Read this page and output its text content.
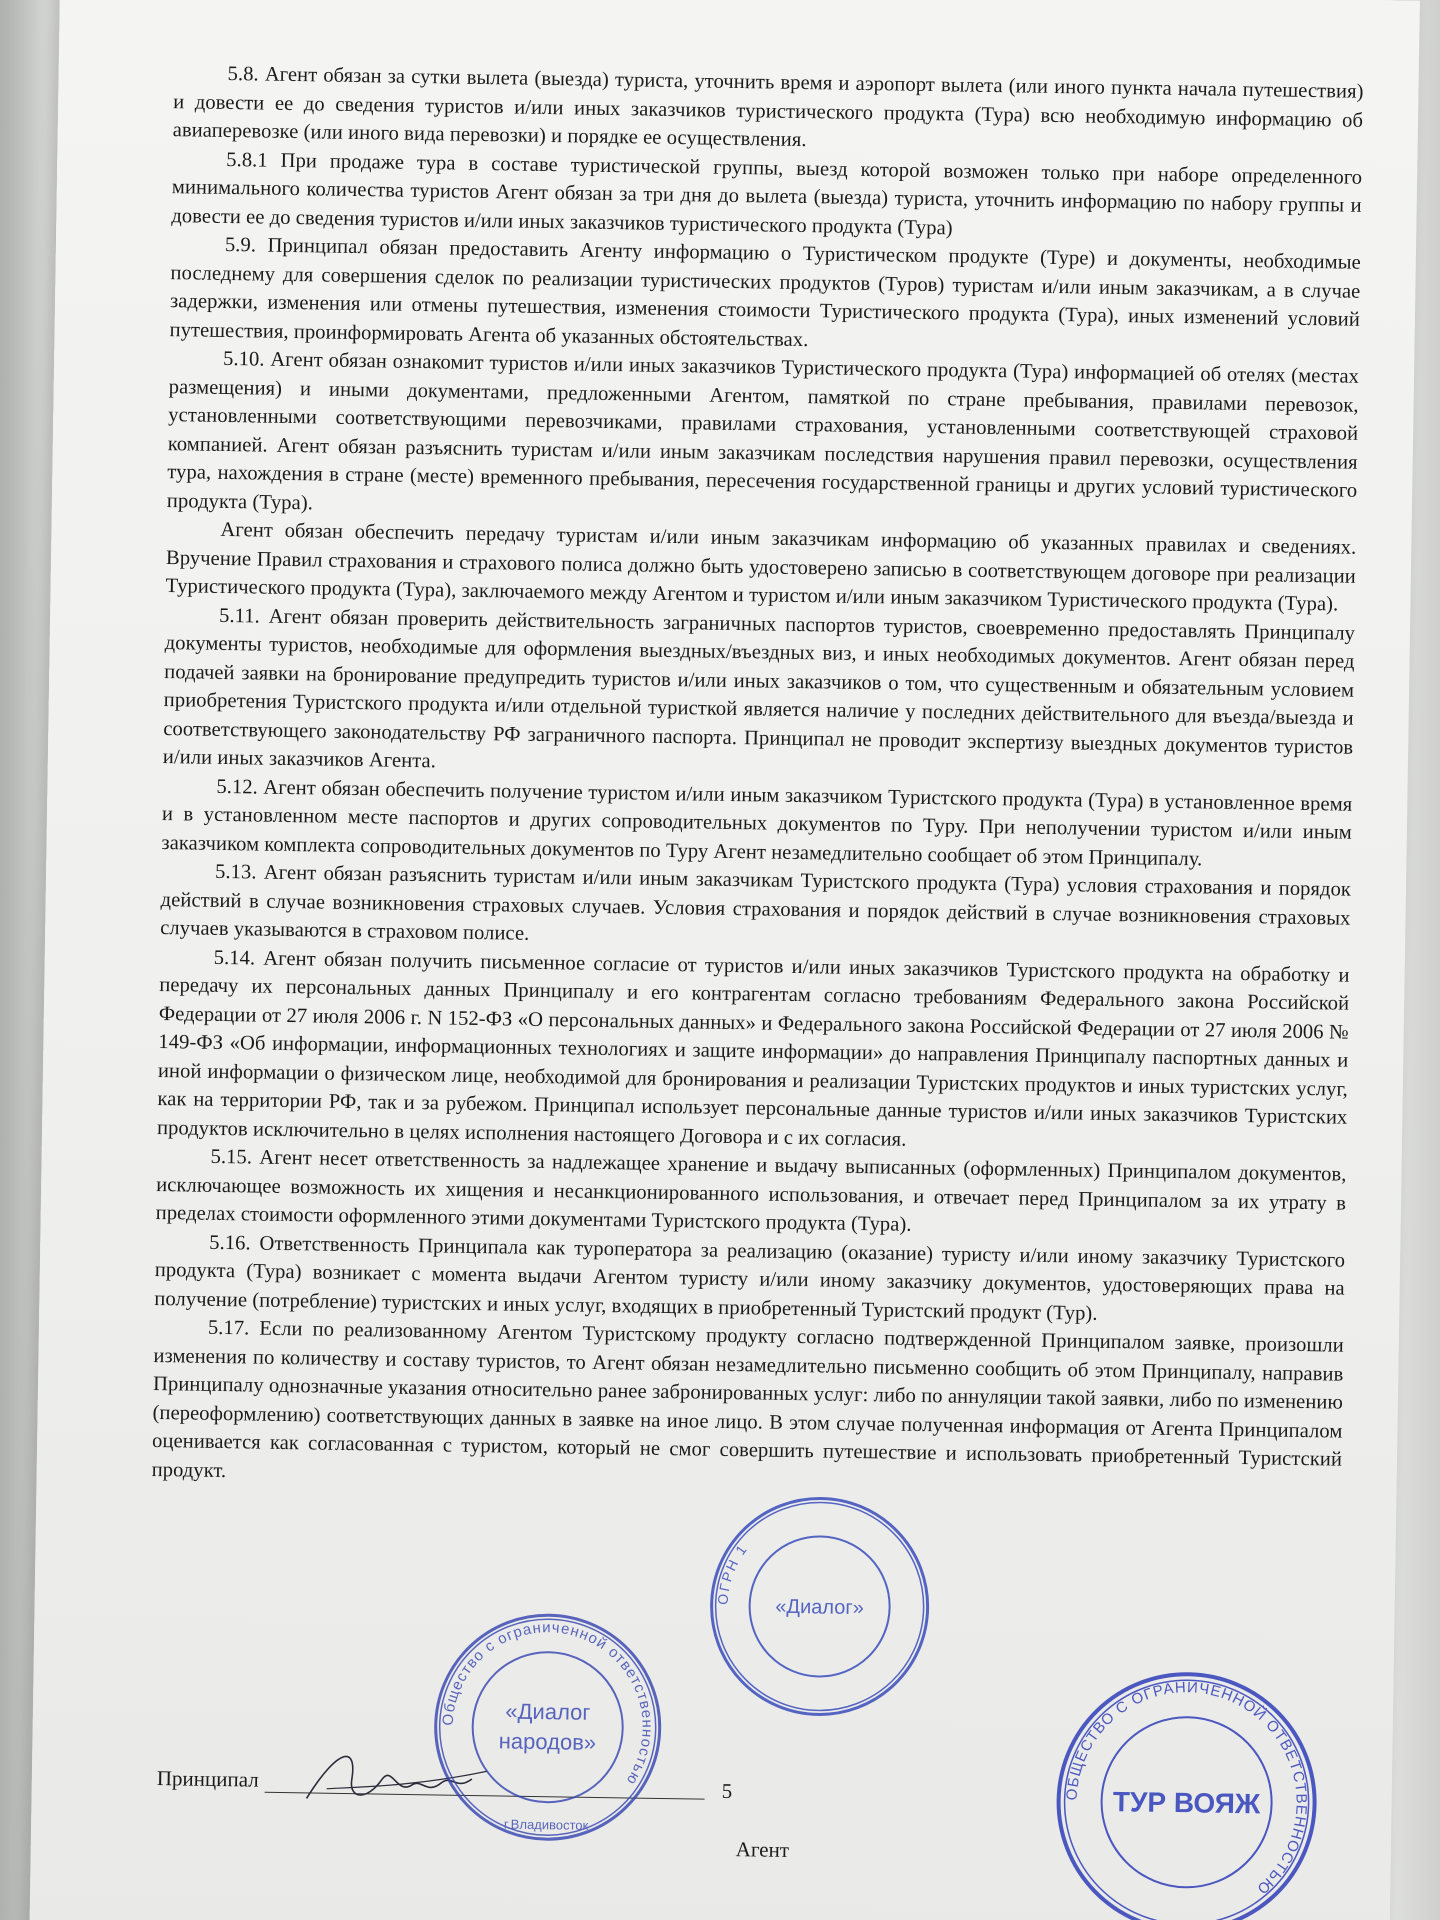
5.8. Агент обязан за сутки вылета (выезда) туриста, уточнить время и аэропорт вылета (или иного пункта начала путешествия) и довести ее до сведения туристов и/или иных заказчиков туристического продукта (Тура) всю необходимую информацию об авиаперевозке (или иного вида перевозки) и порядке ее осуществления.

5.8.1 При продаже тура в составе туристической группы, выезд которой возможен только при наборе определенного минимального количества туристов Агент обязан за три дня до вылета (выезда) туриста, уточнить информацию по набору группы и довести ее до сведения туристов и/или иных заказчиков туристического продукта (Тура)

5.9. Принципал обязан предоставить Агенту информацию о Туристическом продукте (Туре) и документы, необходимые последнему для совершения сделок по реализации туристических продуктов (Туров) туристам и/или иным заказчикам, а в случае задержки, изменения или отмены путешествия, изменения стоимости Туристического продукта (Тура), иных изменений условий путешествия, проинформировать Агента об указанных обстоятельствах.

5.10. Агент обязан ознакомит туристов и/или иных заказчиков Туристического продукта (Тура) информацией об отелях (местах размещения) и иными документами, предложенными Агентом, памяткой по стране пребывания, правилами перевозок, установленными соответствующими перевозчиками, правилами страхования, установленными соответствующей страховой компанией. Агент обязан разъяснить туристам и/или иным заказчикам последствия нарушения правил перевозки, осуществления тура, нахождения в стране (месте) временного пребывания, пересечения государственной границы и других условий туристического продукта (Тура).

Агент обязан обеспечить передачу туристам и/или иным заказчикам информацию об указанных правилах и сведениях. Вручение Правил страхования и страхового полиса должно быть удостоверено записью в соответствующем договоре при реализации Туристического продукта (Тура), заключаемого между Агентом и туристом и/или иным заказчиком Туристического продукта (Тура).

5.11. Агент обязан проверить действительность заграничных паспортов туристов, своевременно предоставлять Принципалу документы туристов, необходимые для оформления выездных/въездных виз, и иных необходимых документов. Агент обязан перед подачей заявки на бронирование предупредить туристов и/или иных заказчиков о том, что существенным и обязательным условием приобретения Туристского продукта и/или отдельной туристкой является наличие у последних действительного для въезда/выезда и соответствующего законодательству РФ заграничного паспорта. Принципал не проводит экспертизу выездных документов туристов и/или иных заказчиков Агента.

5.12. Агент обязан обеспечить получение туристом и/или иным заказчиком Туристского продукта (Тура) в установленное время и в установленном месте паспортов и других сопроводительных документов по Туру. При неполучении туристом и/или иным заказчиком комплекта сопроводительных документов по Туру Агент незамедлительно сообщает об этом Принципалу.

5.13. Агент обязан разъяснить туристам и/или иным заказчикам Туристского продукта (Тура) условия страхования и порядок действий в случае возникновения страховых случаев. Условия страхования и порядок действий в случае возникновения страховых случаев указываются в страховом полисе.

5.14. Агент обязан получить письменное согласие от туристов и/или иных заказчиков Туристского продукта на обработку и передачу их персональных данных Принципалу и его контрагентам согласно требованиям Федерального закона Российской Федерации от 27 июля 2006 г. N 152-ФЗ «О персональных данных» и Федерального закона Российской Федерации от 27 июля 2006 № 149-ФЗ «Об информации, информационных технологиях и защите информации» до направления Принципалу паспортных данных и иной информации о физическом лице, необходимой для бронирования и реализации Туристских продуктов и иных туристских услуг, как на территории РФ, так и за рубежом. Принципал использует персональные данные туристов и/или иных заказчиков Туристских продуктов исключительно в целях исполнения настоящего Договора и с их согласия.

5.15. Агент несет ответственность за надлежащее хранение и выдачу выписанных (оформленных) Принципалом документов, исключающее возможность их хищения и несанкционированного использования, и отвечает перед Принципалом за их утрату в пределах стоимости оформленного этими документами Туристского продукта (Тура).

5.16. Ответственность Принципала как туроператора за реализацию (оказание) туристу и/или иному заказчику Туристского продукта (Тура) возникает с момента выдачи Агентом туристу и/или иному заказчику документов, удостоверяющих права на получение (потребление) туристских и иных услуг, входящих в приобретенный Туристский продукт (Тур).

5.17. Если по реализованному Агентом Туристскому продукту согласно подтвержденной Принципалом заявке, произошли изменения по количеству и составу туристов, то Агент обязан незамедлительно письменно сообщить об этом Принципалу, направив Принципалу однозначные указания относительно ранее забронированных услуг: либо по аннуляции такой заявки, либо по изменению (переоформлению) соответствующих данных в заявке на иное лицо. В этом случае полученная информация от Агента Принципалом оценивается как согласованная с туристом, который не смог совершить путешествие и использовать приобретенный Туристский продукт.

Принципал	5
Агент
Общество с ограниченной ответственностью
«Диалог
народов»
г.Владивосток
ОГРН 1
«Диалог»
ОБЩЕСТВО С ОГРАНИЧЕННОЙ ОТВЕТСТВЕННОСТЬЮ
ТУР ВОЯЖ
